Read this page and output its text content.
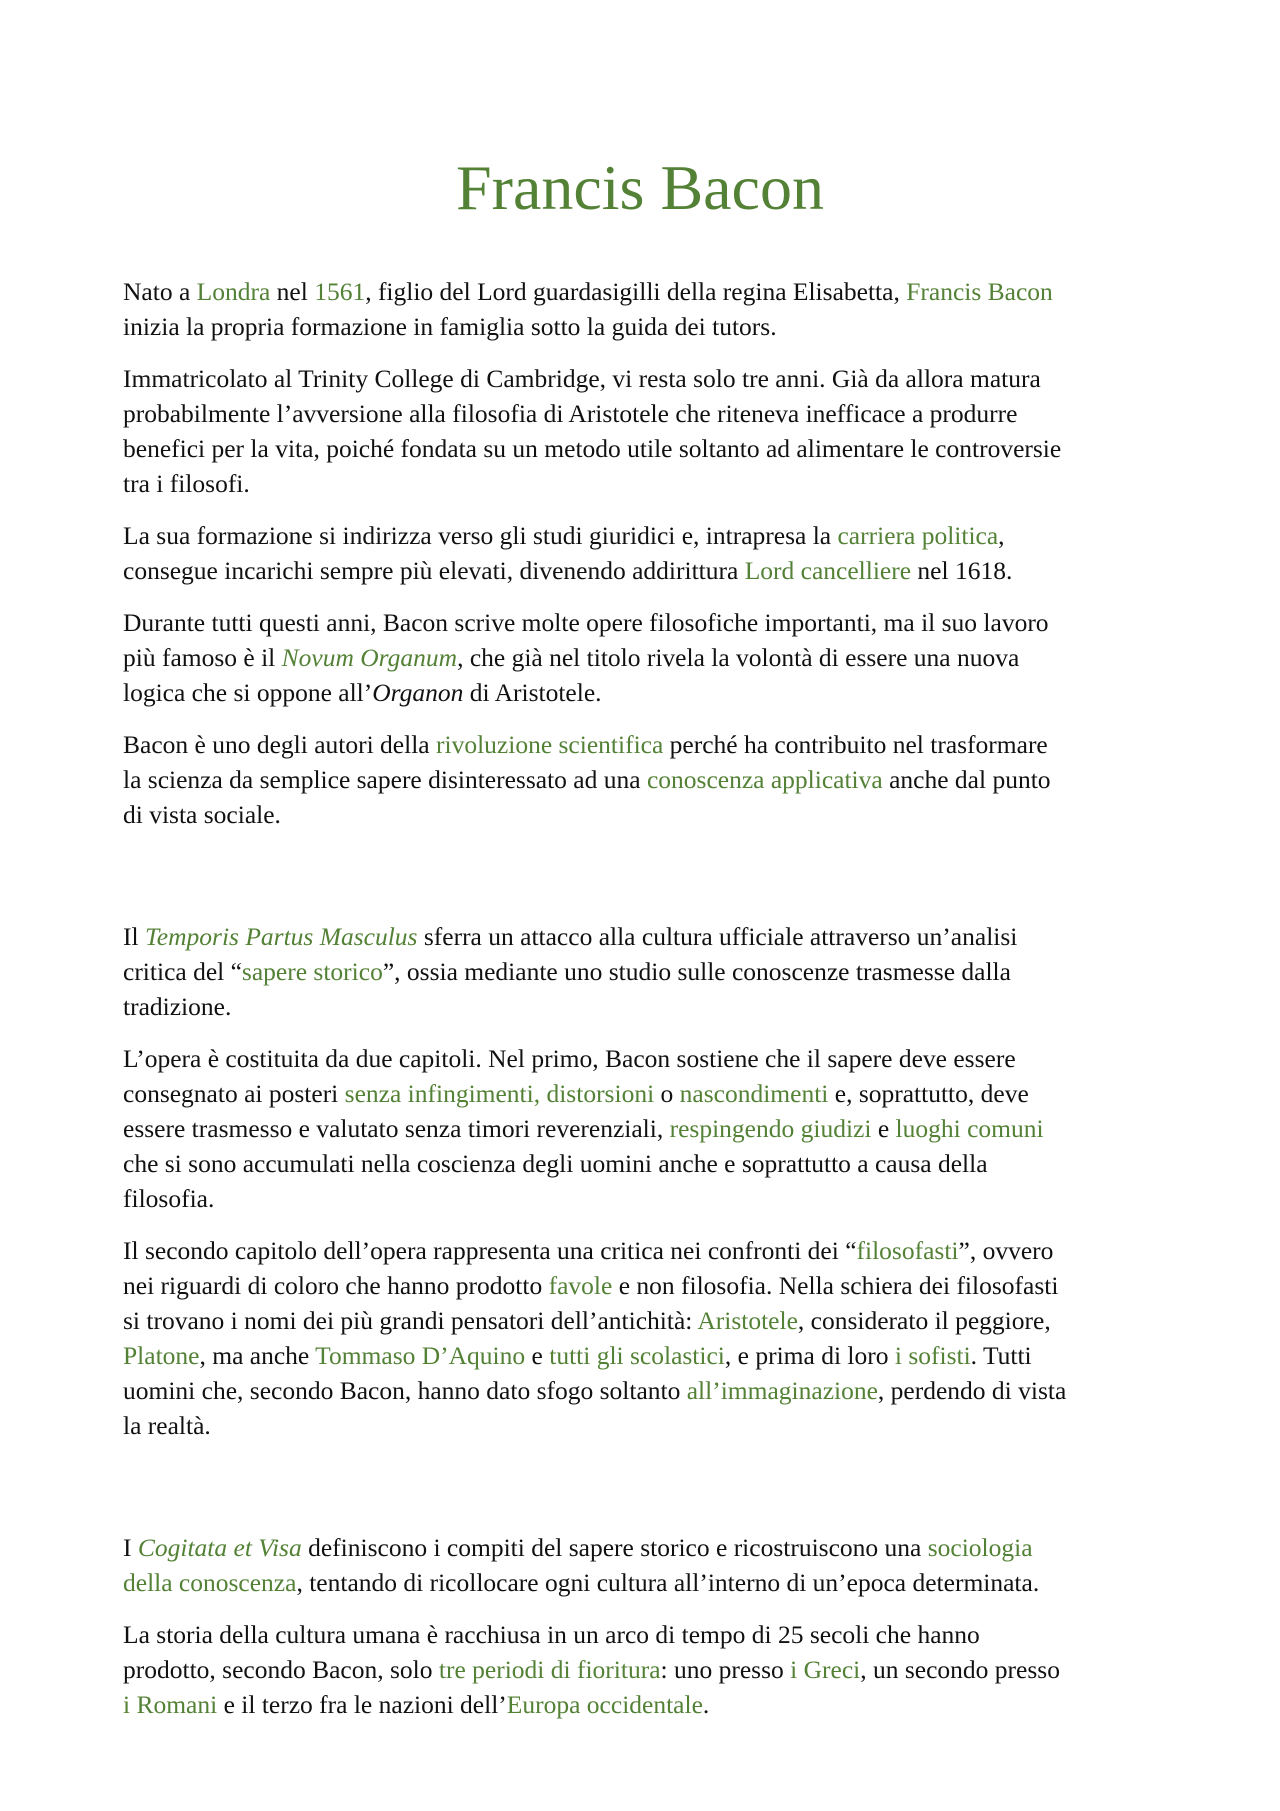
Francis Bacon

Nato a Londra nel 1561, figlio del Lord guardasigilli della regina Elisabetta, Francis Bacon
inizia la propria formazione in famiglia sotto la guida dei tutors.

Immatricolato al Trinity College di Cambridge, vi resta solo tre anni. Già da allora matura
probabilmente l’avversione alla filosofia di Aristotele che riteneva inefficace a produrre
benefici per la vita, poiché fondata su un metodo utile soltanto ad alimentare le controversie
tra i filosofi.

La sua formazione si indirizza verso gli studi giuridici e, intrapresa la carriera politica,
consegue incarichi sempre più elevati, divenendo addirittura Lord cancelliere nel 1618.

Durante tutti questi anni, Bacon scrive molte opere filosofiche importanti, ma il suo lavoro
più famoso è il Novum Organum, che già nel titolo rivela la volontà di essere una nuova
logica che si oppone all’Organon di Aristotele.

Bacon è uno degli autori della rivoluzione scientifica perché ha contribuito nel trasformare
la scienza da semplice sapere disinteressato ad una conoscenza applicativa anche dal punto
di vista sociale.

Il Temporis Partus Masculus sferra un attacco alla cultura ufficiale attraverso un’analisi
critica del “sapere storico”, ossia mediante uno studio sulle conoscenze trasmesse dalla
tradizione.

L’opera è costituita da due capitoli. Nel primo, Bacon sostiene che il sapere deve essere
consegnato ai posteri senza infingimenti, distorsioni o nascondimenti e, soprattutto, deve
essere trasmesso e valutato senza timori reverenziali, respingendo giudizi e luoghi comuni
che si sono accumulati nella coscienza degli uomini anche e soprattutto a causa della
filosofia.

Il secondo capitolo dell’opera rappresenta una critica nei confronti dei “filosofasti”, ovvero
nei riguardi di coloro che hanno prodotto favole e non filosofia. Nella schiera dei filosofasti
si trovano i nomi dei più grandi pensatori dell’antichità: Aristotele, considerato il peggiore,
Platone, ma anche Tommaso D’Aquino e tutti gli scolastici, e prima di loro i sofisti. Tutti
uomini che, secondo Bacon, hanno dato sfogo soltanto all’immaginazione, perdendo di vista
la realtà.

I Cogitata et Visa definiscono i compiti del sapere storico e ricostruiscono una sociologia
della conoscenza, tentando di ricollocare ogni cultura all’interno di un’epoca determinata.

La storia della cultura umana è racchiusa in un arco di tempo di 25 secoli che hanno
prodotto, secondo Bacon, solo tre periodi di fioritura: uno presso i Greci, un secondo presso
i Romani e il terzo fra le nazioni dell’Europa occidentale.
